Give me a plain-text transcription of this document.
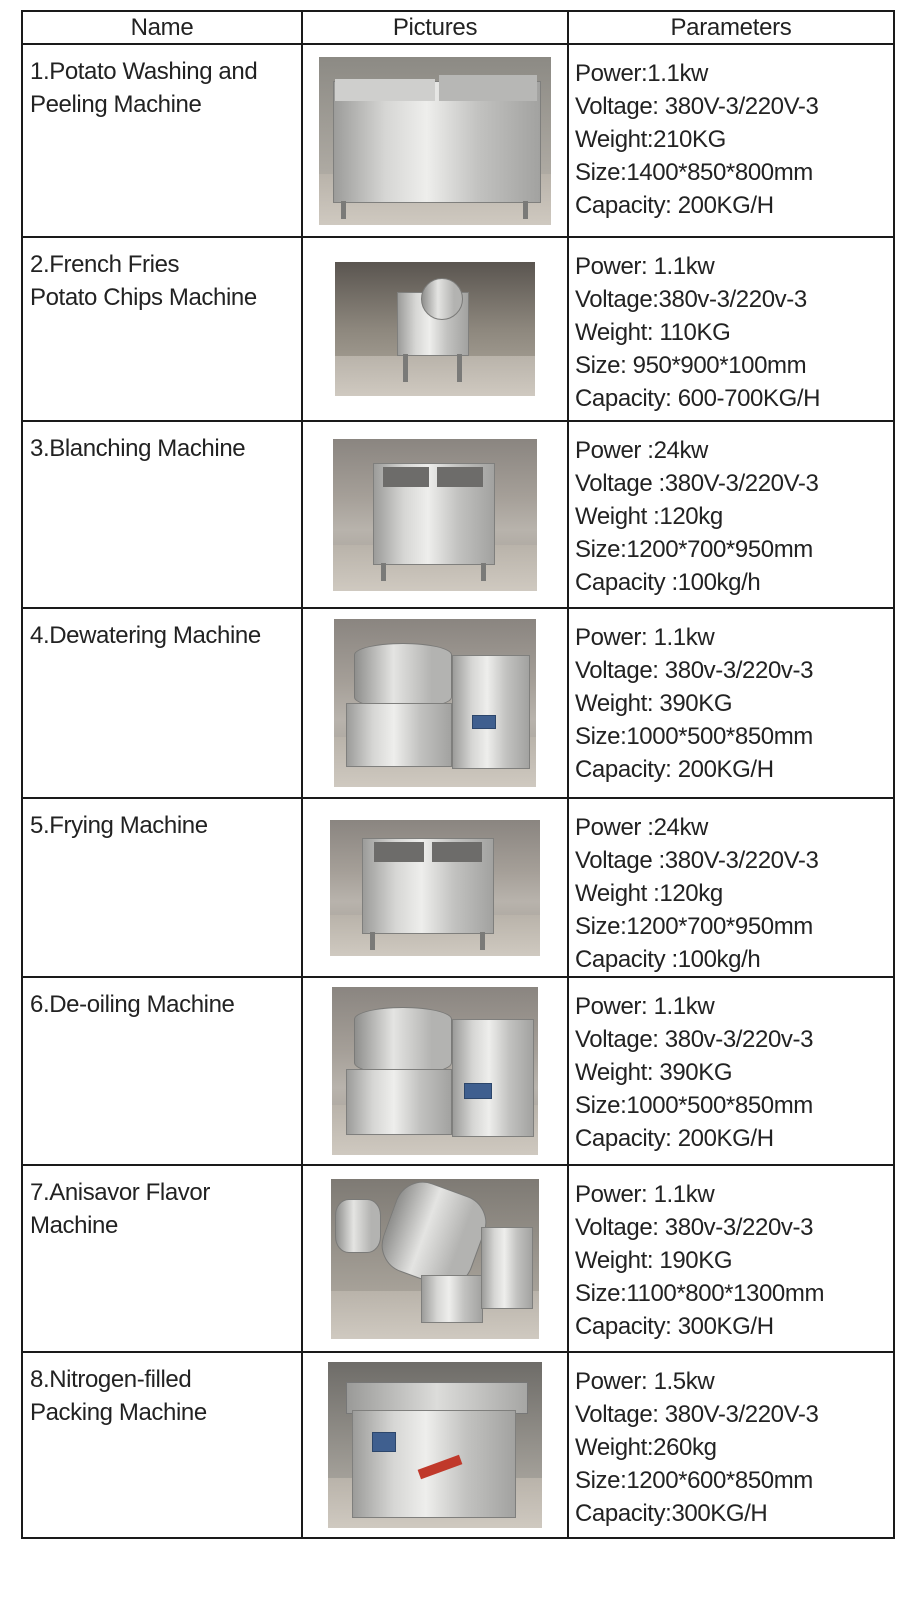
Name	Pictures	Parameters

1.Potato Washing and
Peeling Machine		Power:1.1kw
Voltage: 380V-3/220V-3
Weight:210KG
Size:1400*850*800mm
Capacity: 200KG/H

2.French Fries
Potato Chips Machine		Power: 1.1kw
Voltage:380v-3/220v-3
Weight: 110KG
Size: 950*900*100mm
Capacity: 600-700KG/H

3.Blanching Machine		Power :24kw
Voltage :380V-3/220V-3
Weight :120kg
Size:1200*700*950mm
Capacity :100kg/h

4.Dewatering Machine		Power: 1.1kw
Voltage: 380v-3/220v-3
Weight: 390KG
Size:1000*500*850mm
Capacity: 200KG/H

5.Frying Machine		Power :24kw
Voltage :380V-3/220V-3
Weight :120kg
Size:1200*700*950mm
Capacity :100kg/h

6.De-oiling Machine		Power: 1.1kw
Voltage: 380v-3/220v-3
Weight: 390KG
Size:1000*500*850mm
Capacity: 200KG/H

7.Anisavor Flavor
Machine		Power: 1.1kw
Voltage: 380v-3/220v-3
Weight: 190KG
Size:1100*800*1300mm
Capacity: 300KG/H

8.Nitrogen-filled
Packing Machine		Power: 1.5kw
Voltage: 380V-3/220V-3
Weight:260kg
Size:1200*600*850mm
Capacity:300KG/H
